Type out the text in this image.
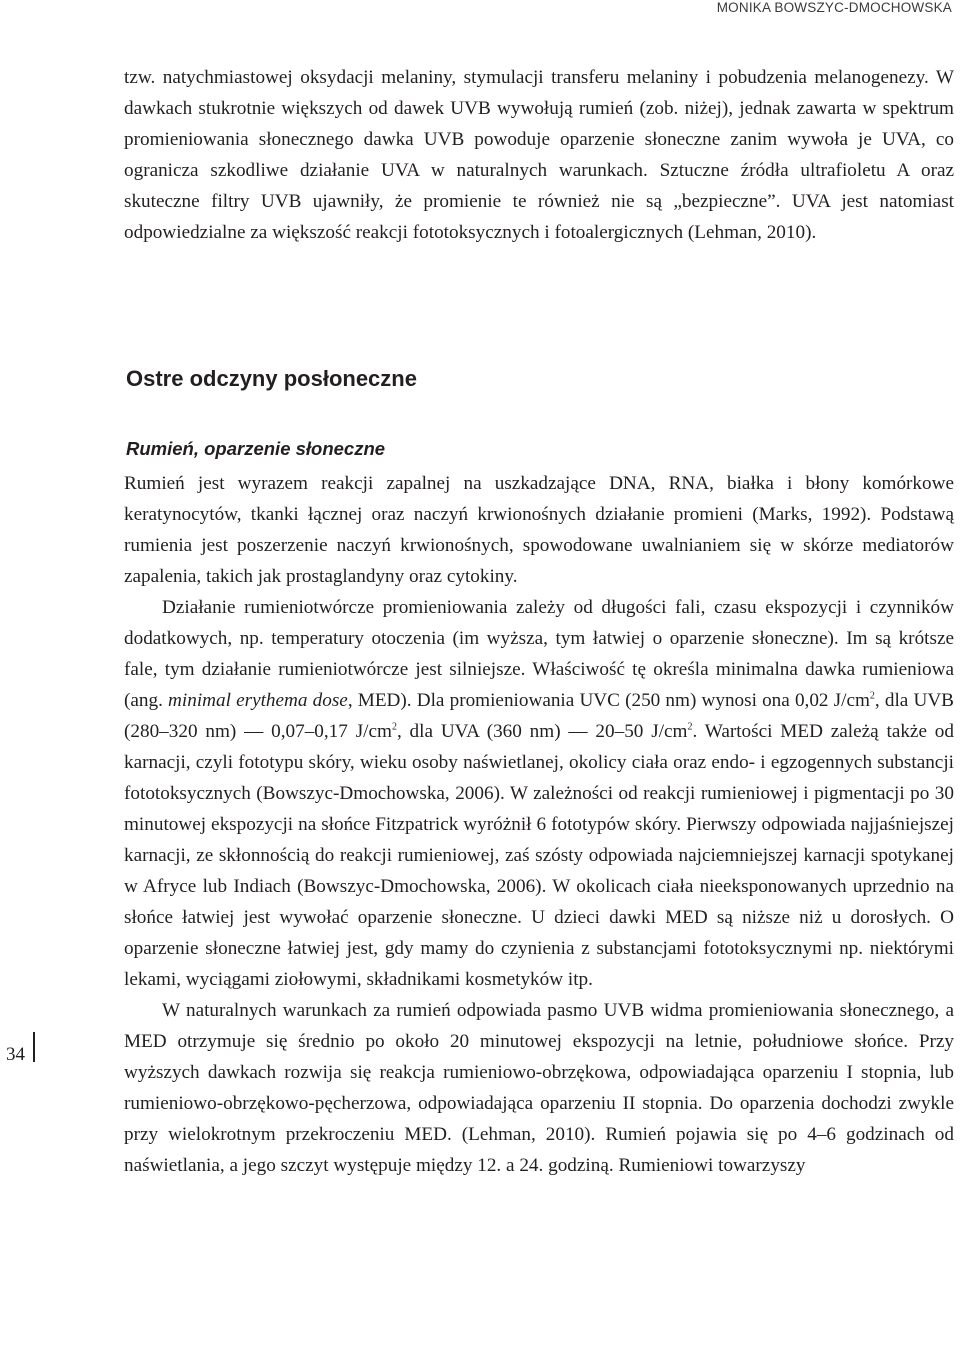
MONIKA BOWSZYC-DMOCHOWSKA

tzw. natychmiastowej oksydacji melaniny, stymulacji transferu melaniny i pobudzenia melanogenezy. W dawkach stukrotnie większych od dawek UVB wywołują rumień (zob. niżej), jednak zawarta w spektrum promieniowania słonecznego dawka UVB powoduje oparzenie słoneczne zanim wywoła je UVA, co ogranicza szkodliwe działanie UVA w naturalnych warunkach. Sztuczne źródła ultrafioletu A oraz skuteczne filtry UVB ujawniły, że promienie te również nie są „bezpieczne”. UVA jest natomiast odpowiedzialne za większość reakcji fototoksycznych i fotoalergicznych (Lehman, 2010).

Ostre odczyny posłoneczne
Rumień, oparzenie słoneczne

Rumień jest wyrazem reakcji zapalnej na uszkadzające DNA, RNA, białka i błony komórkowe keratynocytów, tkanki łącznej oraz naczyń krwionośnych działanie promieni (Marks, 1992). Podstawą rumienia jest poszerzenie naczyń krwionośnych, spowodowane uwalnianiem się w skórze mediatorów zapalenia, takich jak prostaglandyny oraz cytokiny.

Działanie rumieniotwórcze promieniowania zależy od długości fali, czasu ekspozycji i czynników dodatkowych, np. temperatury otoczenia (im wyższa, tym łatwiej o oparzenie słoneczne). Im są krótsze fale, tym działanie rumieniotwórcze jest silniejsze. Właściwość tę określa minimalna dawka rumieniowa (ang. minimal erythema dose, MED). Dla promieniowania UVC (250 nm) wynosi ona 0,02 $J/cm^2$, dla UVB (280–320 nm) — 0,07–0,17 $J/cm^2$, dla UVA (360 nm) — 20–50 $J/cm^2$. Wartości MED zależą także od karnacji, czyli fototypu skóry, wieku osoby naświetlanej, okolicy ciała oraz endo- i egzogennych substancji fototoksycznych (Bowszyc-Dmochowska, 2006). W zależności od reakcji rumieniowej i pigmentacji po 30 minutowej ekspozycji na słońce Fitzpatrick wyróżnił 6 fototypów skóry. Pierwszy odpowiada najjaśniejszej karnacji, ze skłonnością do reakcji rumieniowej, zaś szósty odpowiada najciemniejszej karnacji spotykanej w Afryce lub Indiach (Bowszyc-Dmochowska, 2006). W okolicach ciała nieeksponowanych uprzednio na słońce łatwiej jest wywołać oparzenie słoneczne. U dzieci dawki MED są niższe niż u dorosłych. O oparzenie słoneczne łatwiej jest, gdy mamy do czynienia z substancjami fototoksycznymi np. niektórymi lekami, wyciągami ziołowymi, składnikami kosmetyków itp.

W naturalnych warunkach za rumień odpowiada pasmo UVB widma promieniowania słonecznego, a MED otrzymuje się średnio po około 20 minutowej ekspozycji na letnie, południowe słońce. Przy wyższych dawkach rozwija się reakcja rumieniowo-obrzękowa, odpowiadająca oparzeniu I stopnia, lub rumieniowo-obrzękowo-pęcherzowa, odpowiadająca oparzeniu II stopnia. Do oparzenia dochodzi zwykle przy wielokrotnym przekroczeniu MED. (Lehman, 2010). Rumień pojawia się po 4–6 godzinach od naświetlania, a jego szczyt występuje między 12. a 24. godziną. Rumieniowi towarzyszy

34
